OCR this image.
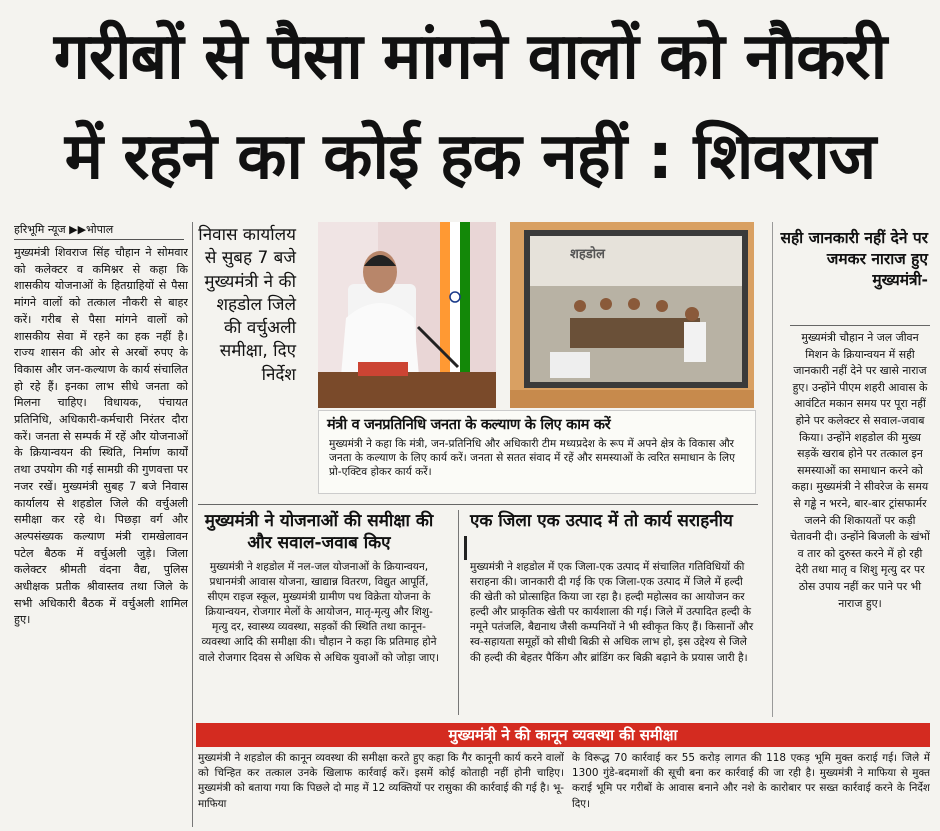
गरीबों से पैसा मांगने वालों को नौकरी
में रहने का कोई हक नहीं : शिवराज
हरिभूमि न्यूज ▶▶भोपाल
मुख्यमंत्री शिवराज सिंह चौहान ने सोमवार को कलेक्टर व कमिश्नर से कहा कि शासकीय योजनाओं के हितग्राहियों से पैसा मांगने वालों को तत्काल नौकरी से बाहर करें। गरीब से पैसा मांगने वालों को शासकीय सेवा में रहने का हक नहीं है। राज्य शासन की ओर से अरबों रुपए के विकास और जन-कल्याण के कार्य संचालित हो रहे हैं। इनका लाभ सीधे जनता को मिलना चाहिए। विधायक, पंचायत प्रतिनिधि, अधिकारी-कर्मचारी निरंतर दौरा करें। जनता से सम्पर्क में रहें और योजनाओं के क्रियान्वयन की स्थिति, निर्माण कार्यों तथा उपयोग की गई सामग्री की गुणवत्ता पर नजर रखें। मुख्यमंत्री सुबह 7 बजे निवास कार्यालय से शहडोल जिले की वर्चुअली समीक्षा कर रहे थे। पिछड़ा वर्ग और अल्पसंख्यक कल्याण मंत्री रामखेलावन पटेल बैठक में वर्चुअली जुड़े। जिला कलेक्टर श्रीमती वंदना वैद्य, पुलिस अधीक्षक प्रतीक श्रीवास्तव तथा जिले के सभी अधिकारी बैठक में वर्चुअली शामिल हुए।
निवास कार्यालय से सुबह 7 बजे मुख्यमंत्री ने की शहडोल जिले की वर्चुअली समीक्षा, दिए निर्देश
शहडोल
मंत्री व जनप्रतिनिधि जनता के कल्याण के लिए काम करें
मुख्यमंत्री ने कहा कि मंत्री, जन-प्रतिनिधि और अधिकारी टीम मध्यप्रदेश के रूप में अपने क्षेत्र के विकास और जनता के कल्याण के लिए कार्य करें। जनता से सतत संवाद में रहें और समस्याओं के त्वरित समाधान के लिए प्रो-एक्टिव होकर कार्य करें।
मुख्यमंत्री ने योजनाओं की समीक्षा की और सवाल-जवाब किए
मुख्यमंत्री ने शहडोल में नल-जल योजनाओं के क्रियान्वयन, प्रधानमंत्री आवास योजना, खाद्यान्न वितरण, विद्युत आपूर्ति, सीएम राइज स्कूल, मुख्यमंत्री ग्रामीण पथ विक्रेता योजना के क्रियान्वयन, रोजगार मेलों के आयोजन, मातृ-मृत्यु और शिशु-मृत्यु दर, स्वास्थ्य व्यवस्था, सड़कों की स्थिति तथा कानून-व्यवस्था आदि की समीक्षा की। चौहान ने कहा कि प्रतिमाह होने वाले रोजगार दिवस से अधिक से अधिक युवाओं को जोड़ा जाए।
एक जिला एक उत्पाद में तो कार्य सराहनीय
मुख्यमंत्री ने शहडोल में एक जिला-एक उत्पाद में संचालित गतिविधियों की सराहना की। जानकारी दी गई कि एक जिला-एक उत्पाद में जिले में हल्दी की खेती को प्रोत्साहित किया जा रहा है। हल्दी महोत्सव का आयोजन कर हल्दी और प्राकृतिक खेती पर कार्यशाला की गई। जिले में उत्पादित हल्दी के नमूने पतंजलि, बैद्यनाथ जैसी कम्पनियों ने भी स्वीकृत किए हैं। किसानों और स्व-सहायता समूहों को सीधी बिक्री से अधिक लाभ हो, इस उद्देश्य से जिले की हल्दी की बेहतर पैकिंग और ब्रांडिंग कर बिक्री बढ़ाने के प्रयास जारी है।
सही जानकारी नहीं देने पर जमकर नाराज हुए मुख्यमंत्री-
मुख्यमंत्री चौहान ने जल जीवन मिशन के क्रियान्वयन में सही जानकारी नहीं देने पर खासे नाराज हुए। उन्होंने पीएम शहरी आवास के आवंटित मकान समय पर पूरा नहीं होने पर कलेक्टर से सवाल-जवाब किया। उन्होंने शहडोल की मुख्य सड़कें खराब होने पर तत्काल इन समस्याओं का समाधान करने को कहा। मुख्यमंत्री ने सीवरेज के समय से गड्ढे न भरने, बार-बार ट्रांसफार्मर जलने की शिकायतों पर कड़ी चेतावनी दी। उन्होंने बिजली के खंभों व तार को दुरुस्त करने में हो रही देरी तथा मातृ व शिशु मृत्यु दर पर ठोस उपाय नहीं कर पाने पर भी नाराज हुए।
मुख्यमंत्री ने की कानून व्यवस्था की समीक्षा
मुख्यमंत्री ने शहडोल की कानून व्यवस्था की समीक्षा करते हुए कहा कि गैर कानूनी कार्य करने वालों को चिन्हित कर तत्काल उनके खिलाफ कार्रवाई करें। इसमें कोई कोताही नहीं होनी चाहिए। मुख्यमंत्री को बताया गया कि पिछले दो माह में 12 व्यक्तियों पर रासुका की कार्रवाई की गई है। भू-माफिया
के विरूद्ध 70 कार्रवाई कर 55 करोड़ लागत की 118 एकड़ भूमि मुक्त कराई गई। जिले में 1300 गुंडे-बदमाशों की सूची बना कर कार्रवाई की जा रही है। मुख्यमंत्री ने माफिया से मुक्त कराई भूमि पर गरीबों के आवास बनाने और नशे के कारोबार पर सख्त कार्रवाई करने के निर्देश दिए।
